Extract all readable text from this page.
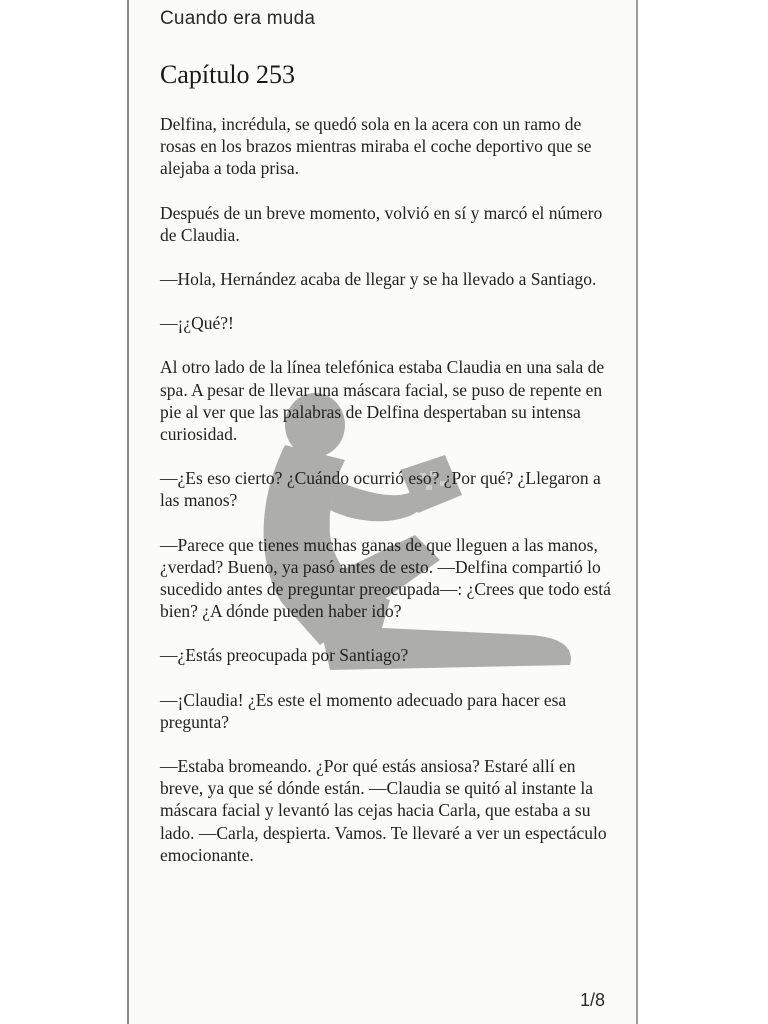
Cuando era muda
Capítulo 253

Delfina, incrédula, se quedó sola en la acera con un ramo de rosas en los brazos mientras miraba el coche deportivo que se alejaba a toda prisa.

Después de un breve momento, volvió en sí y marcó el número de Claudia.

—Hola, Hernández acaba de llegar y se ha llevado a Santiago.

—¡¿Qué?!

Al otro lado de la línea telefónica estaba Claudia en una sala de spa. A pesar de llevar una máscara facial, se puso de repente en pie al ver que las palabras de Delfina despertaban su intensa curiosidad.

—¿Es eso cierto? ¿Cuándo ocurrió eso? ¿Por qué? ¿Llegaron a las manos?

—Parece que tienes muchas ganas de que lleguen a las manos, ¿verdad? Bueno, ya pasó antes de esto. —Delfina compartió lo sucedido antes de preguntar preocupada—: ¿Crees que todo está bien? ¿A dónde pueden haber ido?

—¿Estás preocupada por Santiago?

—¡Claudia! ¿Es este el momento adecuado para hacer esa pregunta?

—Estaba bromeando. ¿Por qué estás ansiosa? Estaré allí en breve, ya que sé dónde están. —Claudia se quitó al instante la máscara facial y levantó las cejas hacia Carla, que estaba a su lado. —Carla, despierta. Vamos. Te llevaré a ver un espectáculo emocionante.

1/8
